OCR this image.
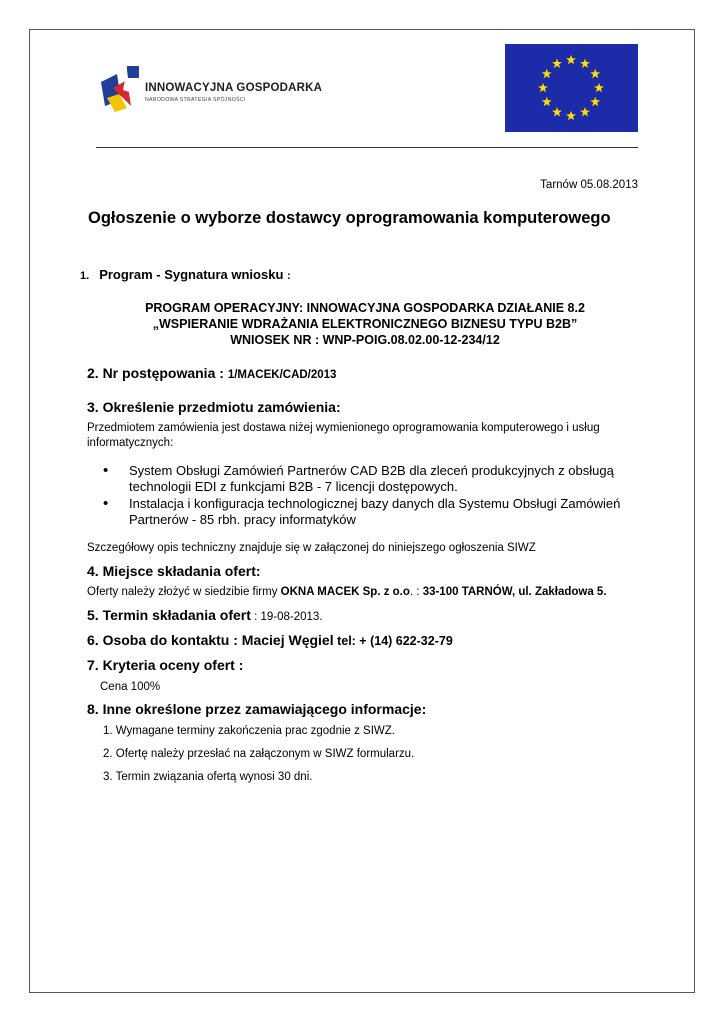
INNOWACYJNA GOSPODARKA
NARODOWA STRATEGIA SPÓJNOŚCI
Tarnów 05.08.2013
Ogłoszenie o wyborze dostawcy oprogramowania komputerowego
1. Program - Sygnatura wniosku :
PROGRAM OPERACYJNY: INNOWACYJNA GOSPODARKA DZIAŁANIE 8.2
„WSPIERANIE WDRAŻANIA ELEKTRONICZNEGO BIZNESU TYPU B2B”
WNIOSEK NR : WNP-POIG.08.02.00-12-234/12
2. Nr postępowania : 1/MACEK/CAD/2013
3. Określenie przedmiotu zamówienia:
Przedmiotem zamówienia jest dostawa niżej wymienionego oprogramowania komputerowego i usług
informatycznych:
• System Obsługi Zamówień Partnerów CAD B2B dla zleceń produkcyjnych z obsługą
technologii EDI z funkcjami B2B - 7 licencji dostępowych.
• Instalacja i konfiguracja technologicznej bazy danych dla Systemu Obsługi Zamówień
Partnerów - 85 rbh. pracy informatyków
Szczegółowy opis techniczny znajduje się w załączonej do niniejszego ogłoszenia SIWZ
4. Miejsce składania ofert:
Oferty należy złożyć w siedzibie firmy OKNA MACEK Sp. z o.o. : 33-100 TARNÓW, ul. Zakładowa 5.
5. Termin składania ofert : 19-08-2013.
6. Osoba do kontaktu : Maciej Węgiel tel: + (14) 622-32-79
7. Kryteria oceny ofert :
Cena 100%
8. Inne określone przez zamawiającego informacje:
1. Wymagane terminy zakończenia prac zgodnie z SIWZ.
2. Ofertę należy przesłać na załączonym w SIWZ formularzu.
3. Termin związania ofertą wynosi 30 dni.
